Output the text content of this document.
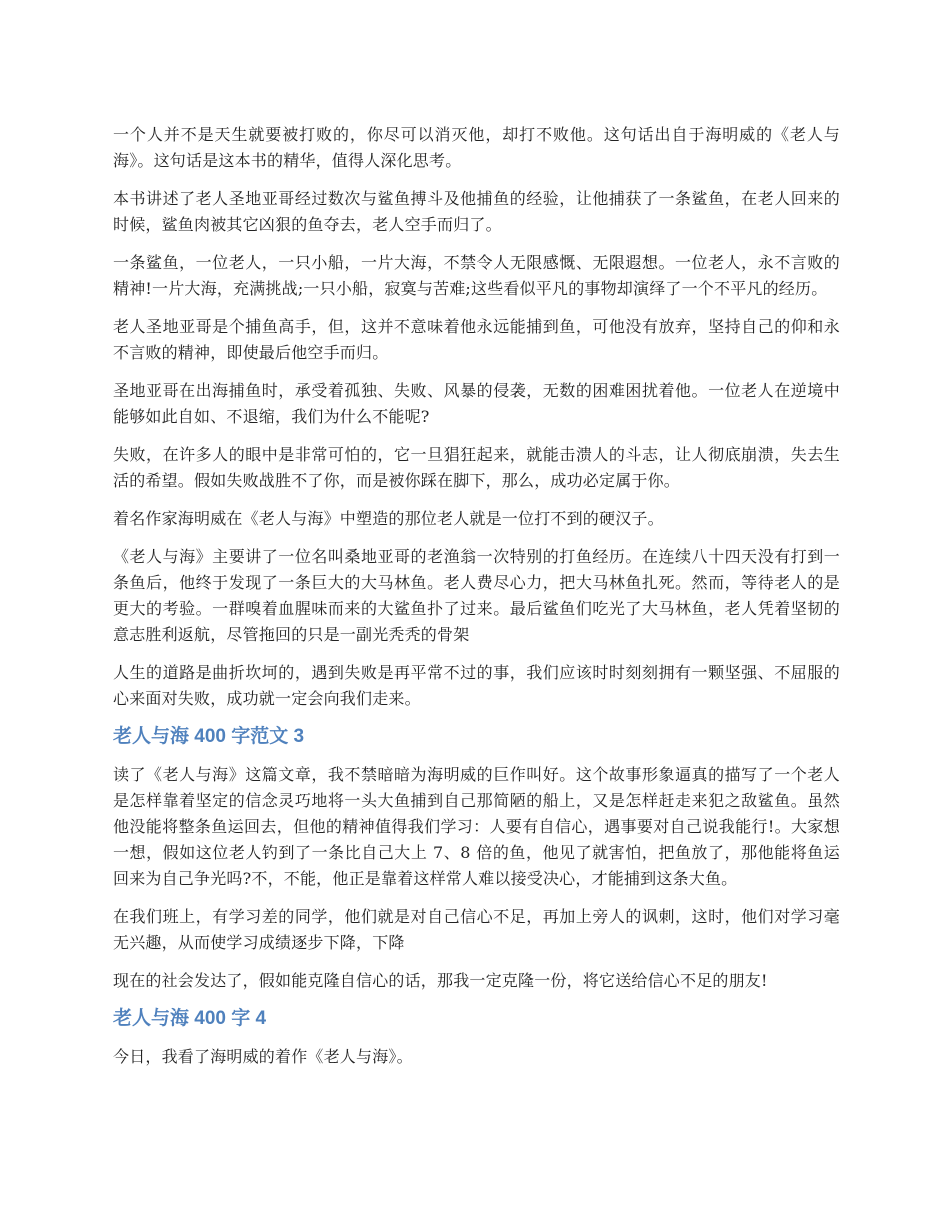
一个人并不是天生就要被打败的，你尽可以消灭他，却打不败他。这句话出自于海明威的《老人与海》。这句话是这本书的精华，值得人深化思考。

本书讲述了老人圣地亚哥经过数次与鲨鱼搏斗及他捕鱼的经验，让他捕获了一条鲨鱼，在老人回来的时候，鲨鱼肉被其它凶狠的鱼夺去，老人空手而归了。

一条鲨鱼，一位老人，一只小船，一片大海，不禁令人无限感慨、无限遐想。一位老人，永不言败的精神!一片大海，充满挑战;一只小船，寂寞与苦难;这些看似平凡的事物却演绎了一个不平凡的经历。

老人圣地亚哥是个捕鱼高手，但，这并不意味着他永远能捕到鱼，可他没有放弃，坚持自己的仰和永不言败的精神，即使最后他空手而归。

圣地亚哥在出海捕鱼时，承受着孤独、失败、风暴的侵袭，无数的困难困扰着他。一位老人在逆境中能够如此自如、不退缩，我们为什么不能呢?

失败，在许多人的眼中是非常可怕的，它一旦猖狂起来，就能击溃人的斗志，让人彻底崩溃，失去生活的希望。假如失败战胜不了你，而是被你踩在脚下，那么，成功必定属于你。

着名作家海明威在《老人与海》中塑造的那位老人就是一位打不到的硬汉子。

《老人与海》主要讲了一位名叫桑地亚哥的老渔翁一次特别的打鱼经历。在连续八十四天没有打到一条鱼后，他终于发现了一条巨大的大马林鱼。老人费尽心力，把大马林鱼扎死。然而，等待老人的是更大的考验。一群嗅着血腥味而来的大鲨鱼扑了过来。最后鲨鱼们吃光了大马林鱼，老人凭着坚韧的意志胜利返航，尽管拖回的只是一副光秃秃的骨架

人生的道路是曲折坎坷的，遇到失败是再平常不过的事，我们应该时时刻刻拥有一颗坚强、不屈服的心来面对失败，成功就一定会向我们走来。

老人与海 400 字范文 3

读了《老人与海》这篇文章，我不禁暗暗为海明威的巨作叫好。这个故事形象逼真的描写了一个老人是怎样靠着坚定的信念灵巧地将一头大鱼捕到自己那简陋的船上，又是怎样赶走来犯之敌鲨鱼。虽然他没能将整条鱼运回去，但他的精神值得我们学习：人要有自信心，遇事要对自己说我能行!。大家想一想，假如这位老人钓到了一条比自己大上 7、8 倍的鱼，他见了就害怕，把鱼放了，那他能将鱼运回来为自己争光吗?不，不能，他正是靠着这样常人难以接受决心，才能捕到这条大鱼。

在我们班上，有学习差的同学，他们就是对自己信心不足，再加上旁人的讽刺，这时，他们对学习毫无兴趣，从而使学习成绩逐步下降，下降

现在的社会发达了，假如能克隆自信心的话，那我一定克隆一份，将它送给信心不足的朋友!

老人与海 400 字 4

今日，我看了海明威的着作《老人与海》。
